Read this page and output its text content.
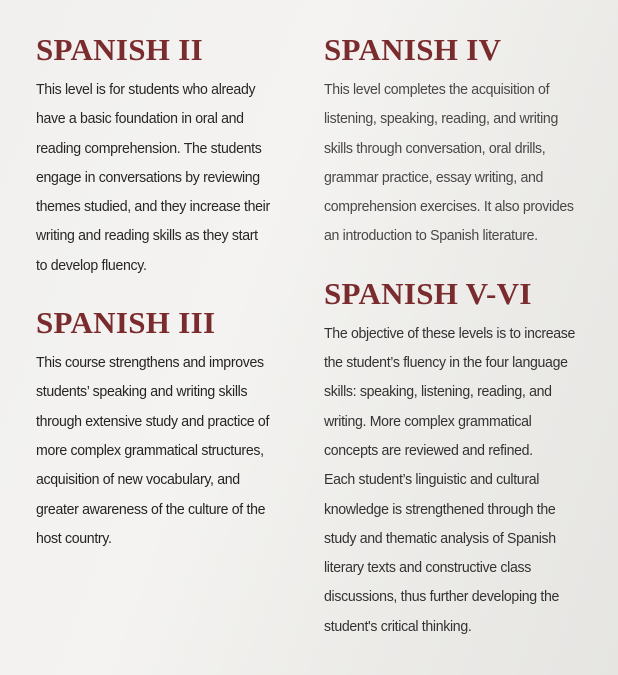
SPANISH II

This level is for students who already
have a basic foundation in oral and
reading comprehension. The students
engage in conversations by reviewing
themes studied, and they increase their
writing and reading skills as they start
to develop fluency.

SPANISH III

This course strengthens and improves
students’ speaking and writing skills
through extensive study and practice of
more complex grammatical structures,
acquisition of new vocabulary, and
greater awareness of the culture of the
host country.

SPANISH IV

This level completes the acquisition of
listening, speaking, reading, and writing
skills through conversation, oral drills,
grammar practice, essay writing, and
comprehension exercises. It also provides
an introduction to Spanish literature.

SPANISH V-VI

The objective of these levels is to increase
the student’s fluency in the four language
skills: speaking, listening, reading, and
writing. More complex grammatical
concepts are reviewed and refined.
Each student’s linguistic and cultural
knowledge is strengthened through the
study and thematic analysis of Spanish
literary texts and constructive class
discussions, thus further developing the
student's critical thinking.
